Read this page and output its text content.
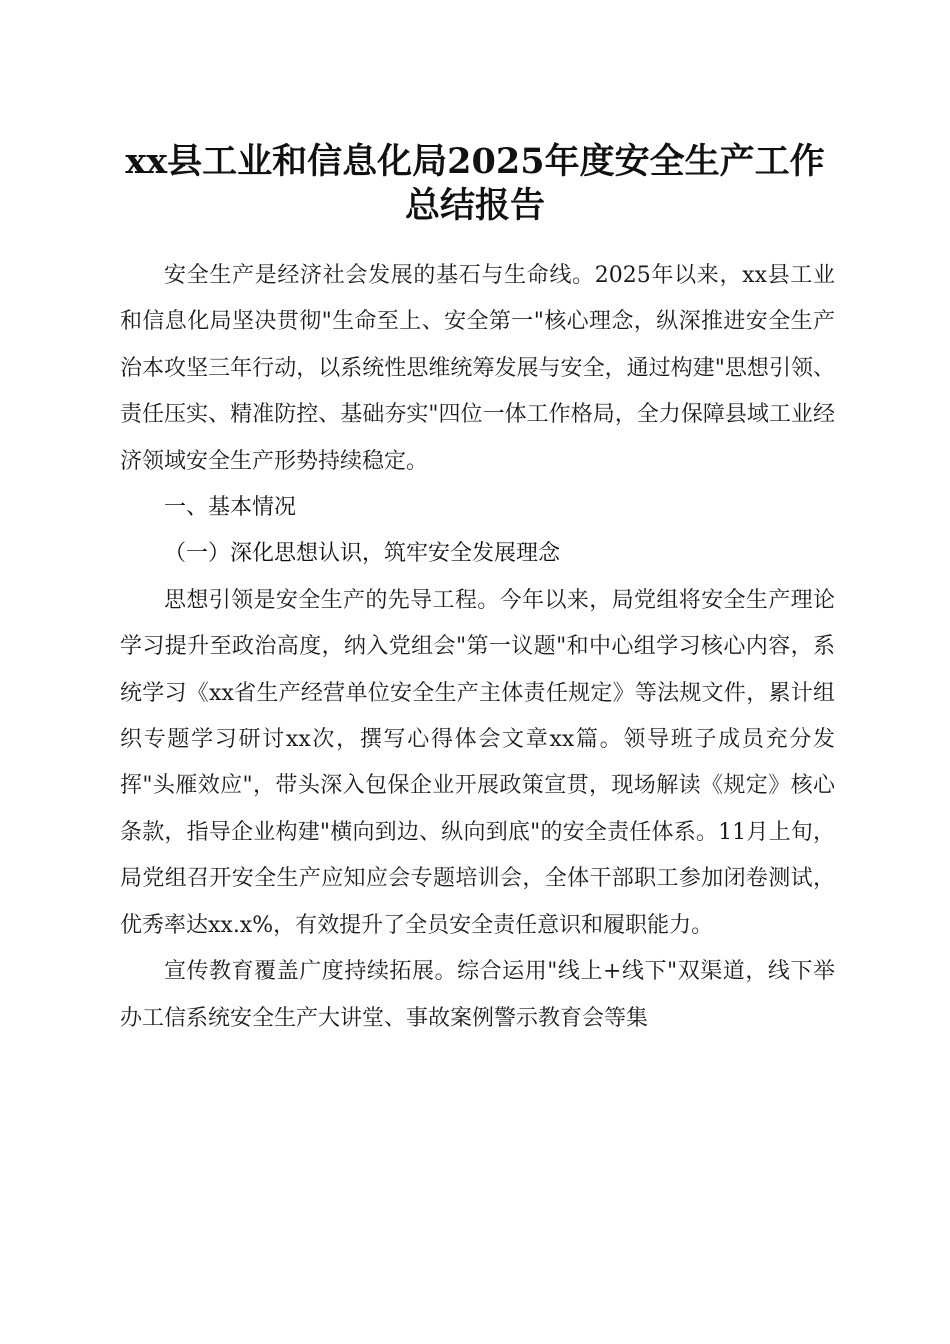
xx县工业和信息化局2025年度安全生产工作
总结报告

安全生产是经济社会发展的基石与生命线。2025年以来，xx县工业和信息化局坚决贯彻"生命至上、安全第一"核心理念，纵深推进安全生产治本攻坚三年行动，以系统性思维统筹发展与安全，通过构建"思想引领、责任压实、精准防控、基础夯实"四位一体工作格局，全力保障县域工业经济领域安全生产形势持续稳定。

一、基本情况

（一）深化思想认识，筑牢安全发展理念

思想引领是安全生产的先导工程。今年以来，局党组将安全生产理论学习提升至政治高度，纳入党组会"第一议题"和中心组学习核心内容，系统学习《xx省生产经营单位安全生产主体责任规定》等法规文件，累计组织专题学习研讨xx次，撰写心得体会文章xx篇。领导班子成员充分发挥"头雁效应"，带头深入包保企业开展政策宣贯，现场解读《规定》核心条款，指导企业构建"横向到边、纵向到底"的安全责任体系。11月上旬，局党组召开安全生产应知应会专题培训会，全体干部职工参加闭卷测试，优秀率达xx.x%，有效提升了全员安全责任意识和履职能力。

宣传教育覆盖广度持续拓展。综合运用"线上+线下"双渠道，线下举办工信系统安全生产大讲堂、事故案例警示教育会等集
